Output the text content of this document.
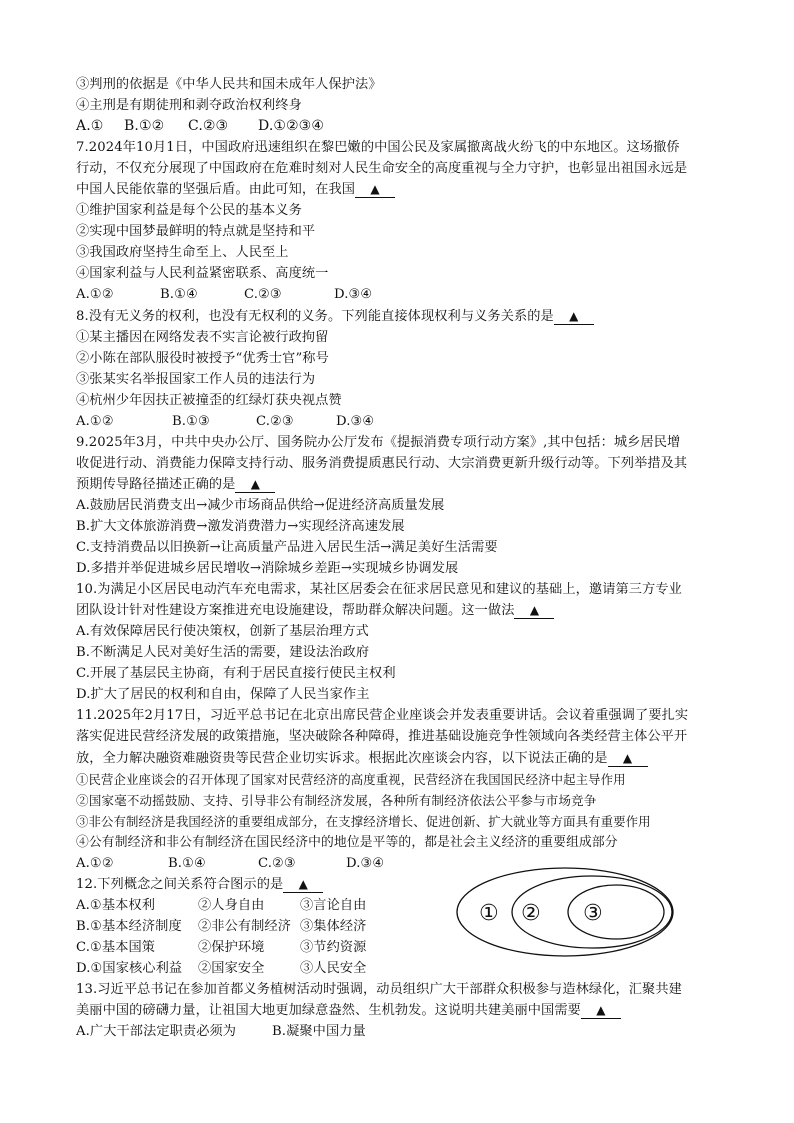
③判刑的依据是《中华人民共和国未成年人保护法》
④主刑是有期徒刑和剥夺政治权利终身
A.①	B.①②	C.②③	D.①②③④
7.2024年10月1日，中国政府迅速组织在黎巴嫩的中国公民及家属撤离战火纷飞的中东地区。这场撤侨
行动，不仅充分展现了中国政府在危难时刻对人民生命安全的高度重视与全力守护，也彰显出祖国永远是
中国人民能依靠的坚强后盾。由此可知，在我国 ▲
①维护国家利益是每个公民的基本义务
②实现中国梦最鲜明的特点就是坚持和平
③我国政府坚持生命至上、人民至上
④国家利益与人民利益紧密联系、高度统一
A.①②	B.①④	C.②③	D.③④
8.没有无义务的权利，也没有无权利的义务。下列能直接体现权利与义务关系的是 ▲
①某主播因在网络发表不实言论被行政拘留
②小陈在部队服役时被授予“优秀士官”称号
③张某实名举报国家工作人员的违法行为
④杭州少年因扶正被撞歪的红绿灯获央视点赞
A.①②	B.①③	C.②③	D.③④
9.2025年3月，中共中央办公厅、国务院办公厅发布《提振消费专项行动方案》,其中包括：城乡居民增
收促进行动、消费能力保障支持行动、服务消费提质惠民行动、大宗消费更新升级行动等。下列举措及其
预期传导路径描述正确的是 ▲
A.鼓励居民消费支出→减少市场商品供给→促进经济高质量发展
B.扩大文体旅游消费→激发消费潜力→实现经济高速发展
C.支持消费品以旧换新→让高质量产品进入居民生活→满足美好生活需要
D.多措并举促进城乡居民增收→消除城乡差距→实现城乡协调发展
10.为满足小区居民电动汽车充电需求，某社区居委会在征求居民意见和建议的基础上，邀请第三方专业
团队设计针对性建设方案推进充电设施建设，帮助群众解决问题。这一做法 ▲
A.有效保障居民行使决策权，创新了基层治理方式
B.不断满足人民对美好生活的需要，建设法治政府
C.开展了基层民主协商，有利于居民直接行使民主权利
D.扩大了居民的权利和自由，保障了人民当家作主
11.2025年2月17日，习近平总书记在北京出席民营企业座谈会并发表重要讲话。会议着重强调了要扎实
落实促进民营经济发展的政策措施，坚决破除各种障碍，推进基础设施竞争性领域向各类经营主体公平开
放，全力解决融资难融资贵等民营企业切实诉求。根据此次座谈会内容，以下说法正确的是 ▲
①民营企业座谈会的召开体现了国家对民营经济的高度重视，民营经济在我国国民经济中起主导作用
②国家毫不动摇鼓励、支持、引导非公有制经济发展，各种所有制经济依法公平参与市场竞争
③非公有制经济是我国经济的重要组成部分，在支撑经济增长、促进创新、扩大就业等方面具有重要作用
④公有制经济和非公有制经济在国民经济中的地位是平等的，都是社会主义经济的重要组成部分
A.①②	B.①④	C.②③	D.③④
12.下列概念之间关系符合图示的是 ▲
A.①基本权利	②人身自由	③言论自由
B.①基本经济制度	②非公有制经济 ③集体经济
C.①基本国策	②保护环境	③节约资源
D.①国家核心利益	②国家安全	③人民安全
13.习近平总书记在参加首都义务植树活动时强调，动员组织广大干部群众积极参与造林绿化，汇聚共建
美丽中国的磅礴力量，让祖国大地更加绿意盎然、生机勃发。这说明共建美丽中国需要 ▲
A.广大干部法定职责必须为	B.凝聚中国力量
① ② ③
